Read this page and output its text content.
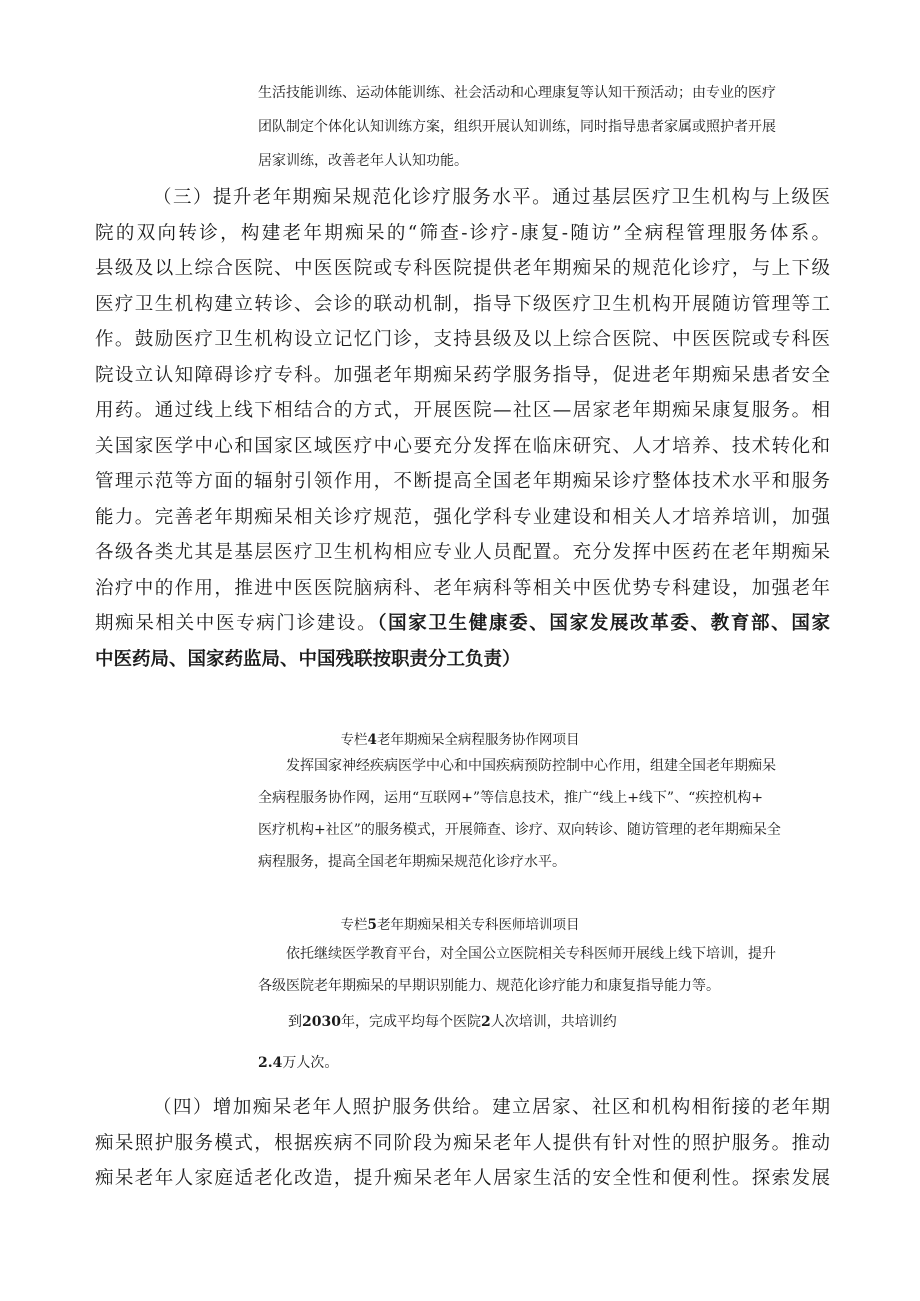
生活技能训练、运动体能训练、社会活动和心理康复等认知干预活动；由专业的医疗
团队制定个体化认知训练方案，组织开展认知训练，同时指导患者家属或照护者开展
居家训练，改善老年人认知功能。
（三）提升老年期痴呆规范化诊疗服务水平。通过基层医疗卫生机构与上级医
院的双向转诊，构建老年期痴呆的“筛查-诊疗-康复-随访”全病程管理服务体系。
县级及以上综合医院、中医医院或专科医院提供老年期痴呆的规范化诊疗，与上下级
医疗卫生机构建立转诊、会诊的联动机制，指导下级医疗卫生机构开展随访管理等工
作。鼓励医疗卫生机构设立记忆门诊，支持县级及以上综合医院、中医医院或专科医
院设立认知障碍诊疗专科。加强老年期痴呆药学服务指导，促进老年期痴呆患者安全
用药。通过线上线下相结合的方式，开展医院—社区—居家老年期痴呆康复服务。相
关国家医学中心和国家区域医疗中心要充分发挥在临床研究、人才培养、技术转化和
管理示范等方面的辐射引领作用，不断提高全国老年期痴呆诊疗整体技术水平和服务
能力。完善老年期痴呆相关诊疗规范，强化学科专业建设和相关人才培养培训，加强
各级各类尤其是基层医疗卫生机构相应专业人员配置。充分发挥中医药在老年期痴呆
治疗中的作用，推进中医医院脑病科、老年病科等相关中医优势专科建设，加强老年
期痴呆相关中医专病门诊建设。（国家卫生健康委、国家发展改革委、教育部、国家
中医药局、国家药监局、中国残联按职责分工负责）
专栏4老年期痴呆全病程服务协作网项目
发挥国家神经疾病医学中心和中国疾病预防控制中心作用，组建全国老年期痴呆
全病程服务协作网，运用“互联网+”等信息技术，推广“线上+线下”、“疾控机构+
医疗机构+社区”的服务模式，开展筛查、诊疗、双向转诊、随访管理的老年期痴呆全
病程服务，提高全国老年期痴呆规范化诊疗水平。
专栏5老年期痴呆相关专科医师培训项目
依托继续医学教育平台，对全国公立医院相关专科医师开展线上线下培训，提升
各级医院老年期痴呆的早期识别能力、规范化诊疗能力和康复指导能力等。
到2030年，完成平均每个医院2人次培训，共培训约
2.4万人次。
（四）增加痴呆老年人照护服务供给。建立居家、社区和机构相衔接的老年期
痴呆照护服务模式，根据疾病不同阶段为痴呆老年人提供有针对性的照护服务。推动
痴呆老年人家庭适老化改造，提升痴呆老年人居家生活的安全性和便利性。探索发展
